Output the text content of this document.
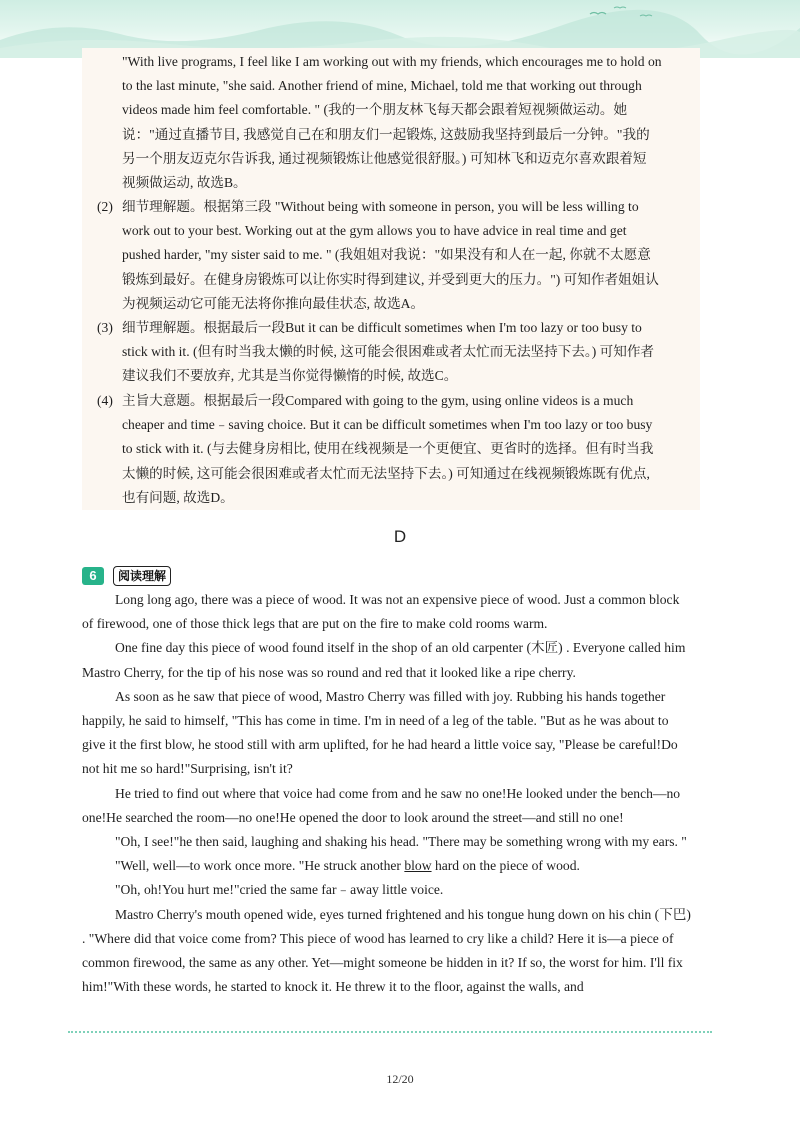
"With live programs, I feel like I am working out with my friends, which encourages me to hold on
to the last minute, "she said. Another friend of mine, Michael, told me that working out through
videos made him feel comfortable. " (我的一个朋友林飞每天都会跟着短视频做运动。她
说："通过直播节目, 我感觉自己在和朋友们一起锻炼, 这鼓励我坚持到最后一分钟。"我的
另一个朋友迈克尔告诉我, 通过视频锻炼让他感觉很舒服。) 可知林飞和迈克尔喜欢跟着短
视频做运动, 故选B。

(2) 细节理解题。根据第三段 "Without being with someone in person, you will be less willing to
work out to your best. Working out at the gym allows you to have advice in real time and get
pushed harder, "my sister said to me. " (我姐姐对我说："如果没有和人在一起, 你就不太愿意
锻炼到最好。在健身房锻炼可以让你实时得到建议, 并受到更大的压力。") 可知作者姐姐认
为视频运动它可能无法将你推向最佳状态, 故选A。

(3) 细节理解题。根据最后一段But it can be difficult sometimes when I'm too lazy or too busy to
stick with it. (但有时当我太懒的时候, 这可能会很困难或者太忙而无法坚持下去。) 可知作者
建议我们不要放弃, 尤其是当你觉得懒惰的时候, 故选C。

(4) 主旨大意题。根据最后一段Compared with going to the gym, using online videos is a much
cheaper and time﹣saving choice. But it can be difficult sometimes when I'm too lazy or too busy
to stick with it. (与去健身房相比, 使用在线视频是一个更便宜、更省时的选择。但有时当我
太懒的时候, 这可能会很困难或者太忙而无法坚持下去。) 可知通过在线视频锻炼既有优点,
也有问题, 故选D。

D
6	阅读理解

Long long ago, there was a piece of wood. It was not an expensive piece of wood. Just a common block of firewood, one of those thick legs that are put on the fire to make cold rooms warm.

One fine day this piece of wood found itself in the shop of an old carpenter (木匠) . Everyone called him Mastro Cherry, for the tip of his nose was so round and red that it looked like a ripe cherry.

As soon as he saw that piece of wood, Mastro Cherry was filled with joy. Rubbing his hands together happily, he said to himself, "This has come in time. I'm in need of a leg of the table. "But as he was about to give it the first blow, he stood still with arm uplifted, for he had heard a little voice say, "Please be careful!Do not hit me so hard!"Surprising, isn't it?

He tried to find out where that voice had come from and he saw no one!He looked under the bench—no one!He searched the room—no one!He opened the door to look around the street—and still no one!

"Oh, I see!"he then said, laughing and shaking his head. "There may be something wrong with my ears. "

"Well, well—to work once more. "He struck another blow hard on the piece of wood.

"Oh, oh!You hurt me!"cried the same far﹣away little voice.

Mastro Cherry's mouth opened wide, eyes turned frightened and his tongue hung down on his chin (下巴) . "Where did that voice come from? This piece of wood has learned to cry like a child? Here it is—a piece of common firewood, the same as any other. Yet—might someone be hidden in it? If so, the worst for him. I'll fix him!"With these words, he started to knock it. He threw it to the floor, against the walls, and

12/20
